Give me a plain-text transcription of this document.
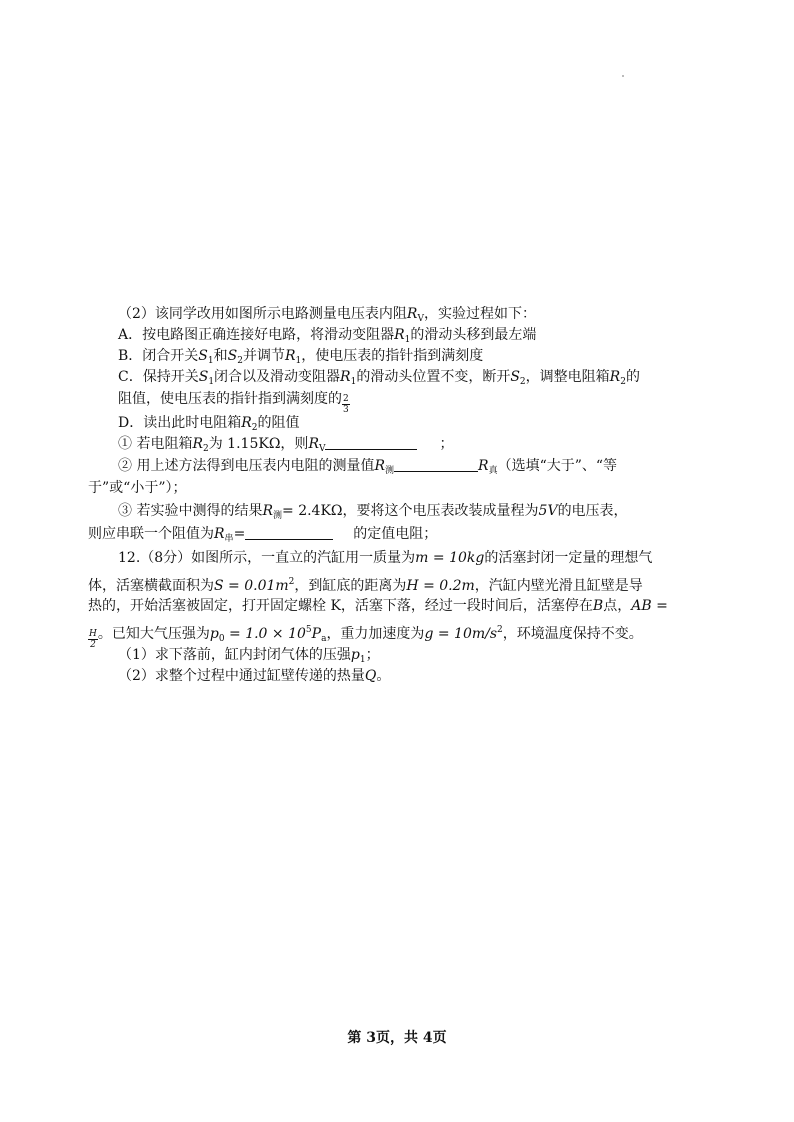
（2）该同学改用如图所示电路测量电压表内阻$R_V$，实验过程如下：
A．按电路图正确连接好电路，将滑动变阻器$R_1$的滑动头移到最左端
B．闭合开关$S_1$和$S_2$并调节$R_1$，使电压表的指针指到满刻度
C．保持开关$S_1$闭合以及滑动变阻器$R_1$的滑动头位置不变，断开$S_2$，调整电阻箱$R_2$的
阻值，使电压表的指针指到满刻度的 $\frac{2}{3}$
D．读出此时电阻箱$R_2$的阻值
① 若电阻箱$R_2$为 1.15KΩ，则$R_V$	；
② 用上述方法得到电压表内电阻的测量值$R_测$	$R_真$（选填“大于”、“等
于”或“小于”）；
③ 若实验中测得的结果$R_测= 2.4K\Omega$，要将这个电压表改装成量程为5V的电压表，
则应串联一个阻值为$R_串=$	的定值电阻；
12.（8分）如图所示，一直立的汽缸用一质量为m = 10kg的活塞封闭一定量的理想气
体，活塞横截面积为$S = 0.01m^2$，到缸底的距离为H = 0.2m，汽缸内壁光滑且缸壁是导
热的，开始活塞被固定，打开固定螺栓 K，活塞下落，经过一段时间后，活塞停在B点，AB =
$\frac{H}{2}$ 。已知大气压强为$p_0 = 1.0 \times 10^5P_a$，重力加速度为$g = 10m/s^2$，环境温度保持不变。
（1）求下落前，缸内封闭气体的压强$p_1$；
（2）求整个过程中通过缸壁传递的热量Q。
第 3页，共 4页
